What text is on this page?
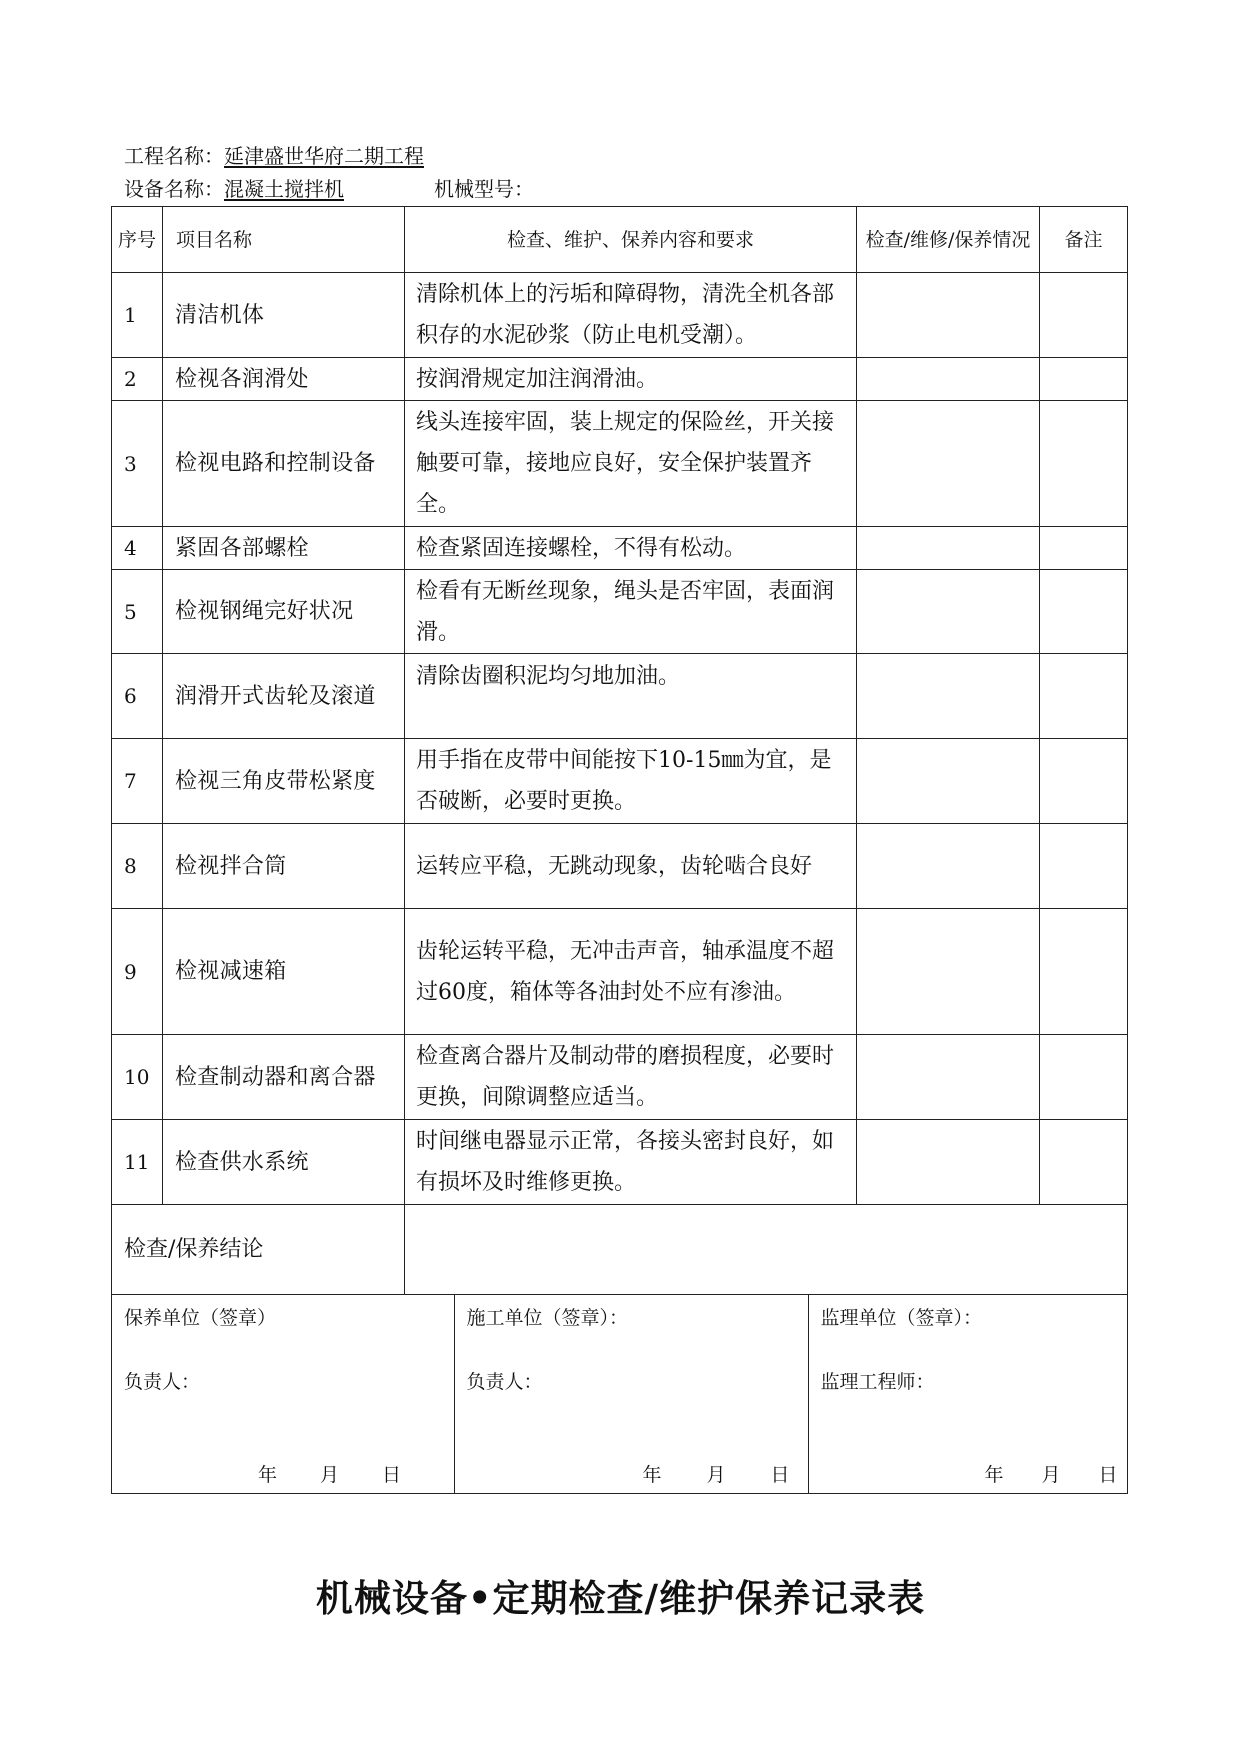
工程名称：延津盛世华府二期工程
设备名称：混凝土搅拌机	机械型号：
序号	项目名称	检查、维护、保养内容和要求	检查/维修/保养情况	备注
1	清洁机体	清除机体上的污垢和障碍物，清洗全机各部积存的水泥砂浆（防止电机受潮）。		
2	检视各润滑处	按润滑规定加注润滑油。		
3	检视电路和控制设备	线头连接牢固，装上规定的保险丝，开关接触要可靠，接地应良好，安全保护装置齐全。		
4	紧固各部螺栓	检查紧固连接螺栓，不得有松动。		
5	检视钢绳完好状况	检看有无断丝现象，绳头是否牢固，表面润滑。		
6	润滑开式齿轮及滚道	清除齿圈积泥均匀地加油。		
7	检视三角皮带松紧度	用手指在皮带中间能按下10-15㎜为宜，是否破断，必要时更换。		
8	检视拌合筒	运转应平稳，无跳动现象，齿轮啮合良好		
9	检视减速箱	齿轮运转平稳，无冲击声音，轴承温度不超过60度，箱体等各油封处不应有渗油。		
10	检查制动器和离合器	检查离合器片及制动带的磨损程度，必要时更换，间隙调整应适当。		
11	检查供水系统	时间继电器显示正常，各接头密封良好，如有损坏及时维修更换。		
检查/保养结论	

保养单位（签章）
负责人：
年 月 日

施工单位（签章）：
负责人：
年 月 日

监理单位（签章）：
监理工程师：
年 月 日
机械设备•定期检查/维护保养记录表
